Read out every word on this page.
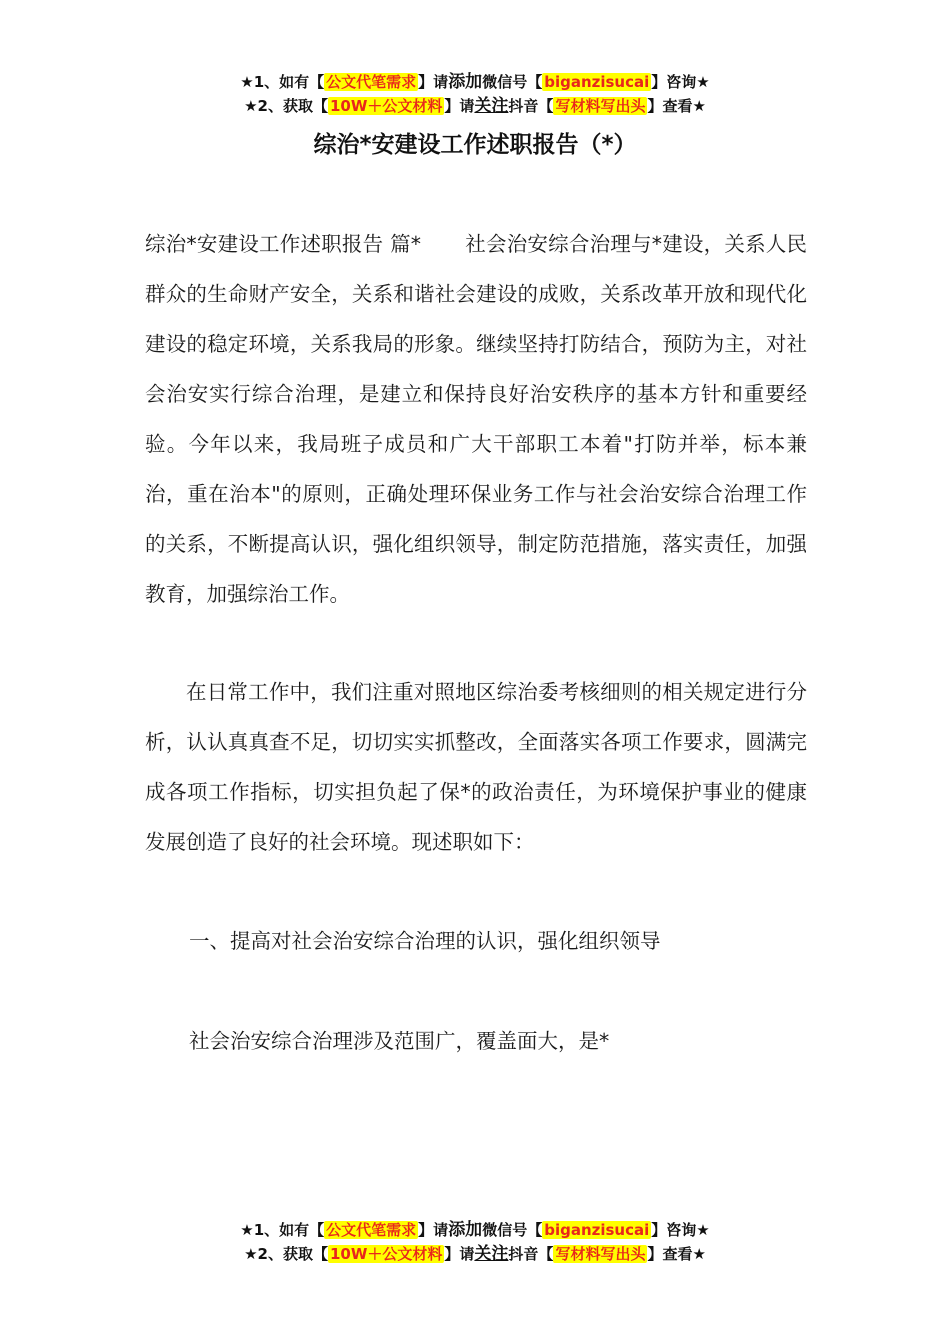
★1、如有【 公文代笔需求 】请添加微信号【 biganzisucai 】咨询★
★2、获取【 10W＋公文材料 】请关注抖音【 写材料写出头 】查看★
综治*安建设工作述职报告（*）

综治*安建设工作述职报告 篇* 社会治安综合治理与*建设，关系人民群众的生命财产安全，关系和谐社会建设的成败，关系改革开放和现代化建设的稳定环境，关系我局的形象。继续坚持打防结合，预防为主，对社会治安实行综合治理，是建立和保持良好治安秩序的基本方针和重要经验。今年以来，我局班子成员和广大干部职工本着"打防并举，标本兼治，重在治本"的原则，正确处理环保业务工作与社会治安综合治理工作的关系，不断提高认识，强化组织领导，制定防范措施，落实责任，加强教育，加强综治工作。

在日常工作中，我们注重对照地区综治委考核细则的相关规定进行分析，认认真真查不足，切切实实抓整改，全面落实各项工作要求，圆满完成各项工作指标，切实担负起了保*的政治责任，为环境保护事业的健康发展创造了良好的社会环境。现述职如下：

一、提高对社会治安综合治理的认识，强化组织领导

社会治安综合治理涉及范围广，覆盖面大，是*

★1、如有【 公文代笔需求 】请添加微信号【 biganzisucai 】咨询★
★2、获取【 10W＋公文材料 】请关注抖音【 写材料写出头 】查看★
